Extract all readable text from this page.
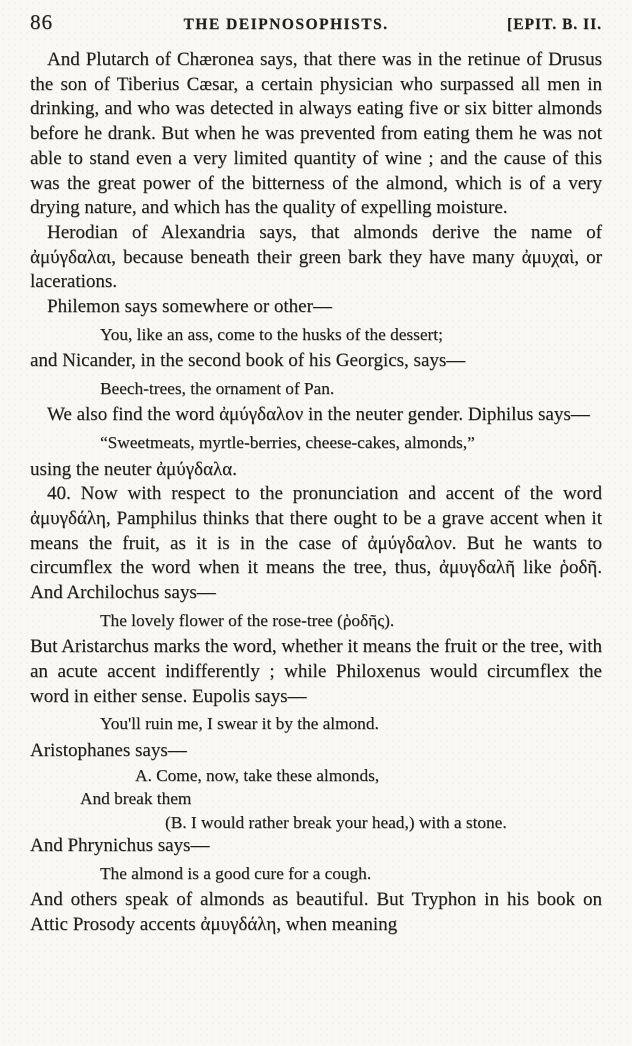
86	THE DEIPNOSOPHISTS.	[EPIT. B. II.

And Plutarch of Chæronea says, that there was in the retinue of Drusus the son of Tiberius Cæsar, a certain physician who surpassed all men in drinking, and who was detected in always eating five or six bitter almonds before he drank. But when he was prevented from eating them he was not able to stand even a very limited quantity of wine ; and the cause of this was the great power of the bitterness of the almond, which is of a very drying nature, and which has the quality of expelling moisture.

Herodian of Alexandria says, that almonds derive the name of ἀμύγδαλαι, because beneath their green bark they have many ἀμυχαὶ, or lacerations.

Philemon says somewhere or other—

You, like an ass, come to the husks of the dessert;

and Nicander, in the second book of his Georgics, says—

Beech-trees, the ornament of Pan.

We also find the word ἀμύγδαλον in the neuter gender. Diphilus says—

“Sweetmeats, myrtle-berries, cheese-cakes, almonds,”

using the neuter ἀμύγδαλα.

40. Now with respect to the pronunciation and accent of the word ἀμυγδάλη, Pamphilus thinks that there ought to be a grave accent when it means the fruit, as it is in the case of ἀμύγδαλον. But he wants to circumflex the word when it means the tree, thus, ἀμυγδαλῆ like ῥοδῆ. And Archilochus says—

The lovely flower of the rose-tree (ῥοδῆς).

But Aristarchus marks the word, whether it means the fruit or the tree, with an acute accent indifferently ; while Philoxenus would circumflex the word in either sense. Eupolis says—

You'll ruin me, I swear it by the almond.

Aristophanes says—

A. Come, now, take these almonds,

And break them

(B. I would rather break your head,) with a stone.

And Phrynichus says—

The almond is a good cure for a cough.

And others speak of almonds as beautiful. But Tryphon in his book on Attic Prosody accents ἀμυγδάλη, when meaning
